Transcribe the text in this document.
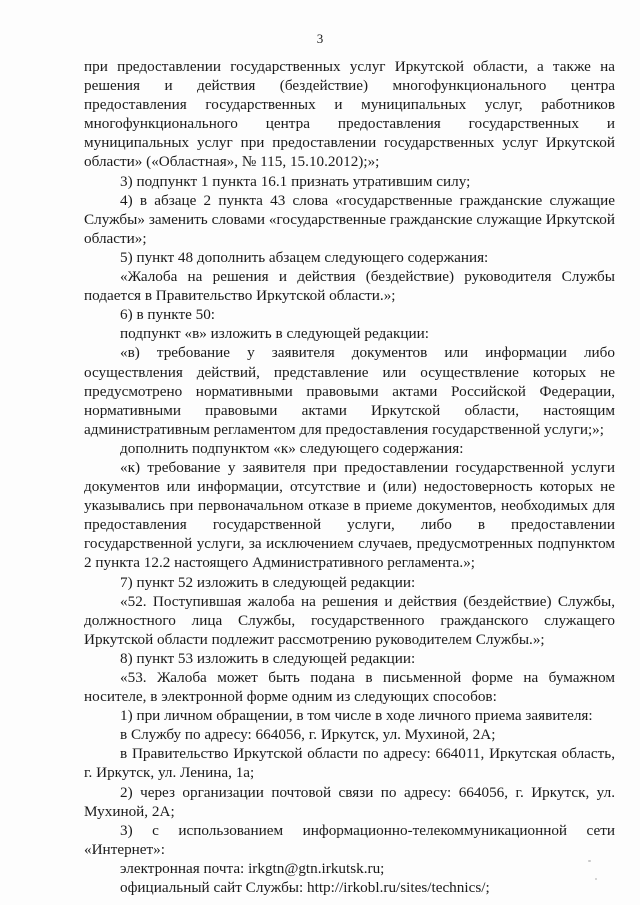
3

при предоставлении государственных услуг Иркутской области, а также на решения и действия (бездействие) многофункционального центра предоставления государственных и муниципальных услуг, работников многофункционального центра предоставления государственных и муниципальных услуг при предоставлении государственных услуг Иркутской области» («Областная», № 115, 15.10.2012);»;

3) подпункт 1 пункта 16.1 признать утратившим силу;

4) в абзаце 2 пункта 43 слова «государственные гражданские служащие Службы» заменить словами «государственные гражданские служащие Иркутской области»;

5) пункт 48 дополнить абзацем следующего содержания:

«Жалоба на решения и действия (бездействие) руководителя Службы подается в Правительство Иркутской области.»;

6) в пункте 50:

подпункт «в» изложить в следующей редакции:

«в) требование у заявителя документов или информации либо осуществления действий, представление или осуществление которых не предусмотрено нормативными правовыми актами Российской Федерации, нормативными правовыми актами Иркутской области, настоящим административным регламентом для предоставления государственной услуги;»;

дополнить подпунктом «к» следующего содержания:

«к) требование у заявителя при предоставлении государственной услуги документов или информации, отсутствие и (или) недостоверность которых не указывались при первоначальном отказе в приеме документов, необходимых для предоставления государственной услуги, либо в предоставлении государственной услуги, за исключением случаев, предусмотренных подпунктом 2 пункта 12.2 настоящего Административного регламента.»;

7) пункт 52 изложить в следующей редакции:

«52. Поступившая жалоба на решения и действия (бездействие) Службы, должностного лица Службы, государственного гражданского служащего Иркутской области подлежит рассмотрению руководителем Службы.»;

8) пункт 53 изложить в следующей редакции:

«53. Жалоба может быть подана в письменной форме на бумажном носителе, в электронной форме одним из следующих способов:

1) при личном обращении, в том числе в ходе личного приема заявителя:

в Службу по адресу: 664056, г. Иркутск, ул. Мухиной, 2А;

в Правительство Иркутской области по адресу: 664011, Иркутская область, г. Иркутск, ул. Ленина, 1а;

2) через организации почтовой связи по адресу: 664056, г. Иркутск, ул. Мухиной, 2А;

3) с использованием информационно-телекоммуникационной сети «Интернет»:

электронная почта: irkgtn@gtn.irkutsk.ru;

официальный сайт Службы: http://irkobl.ru/sites/technics/;
